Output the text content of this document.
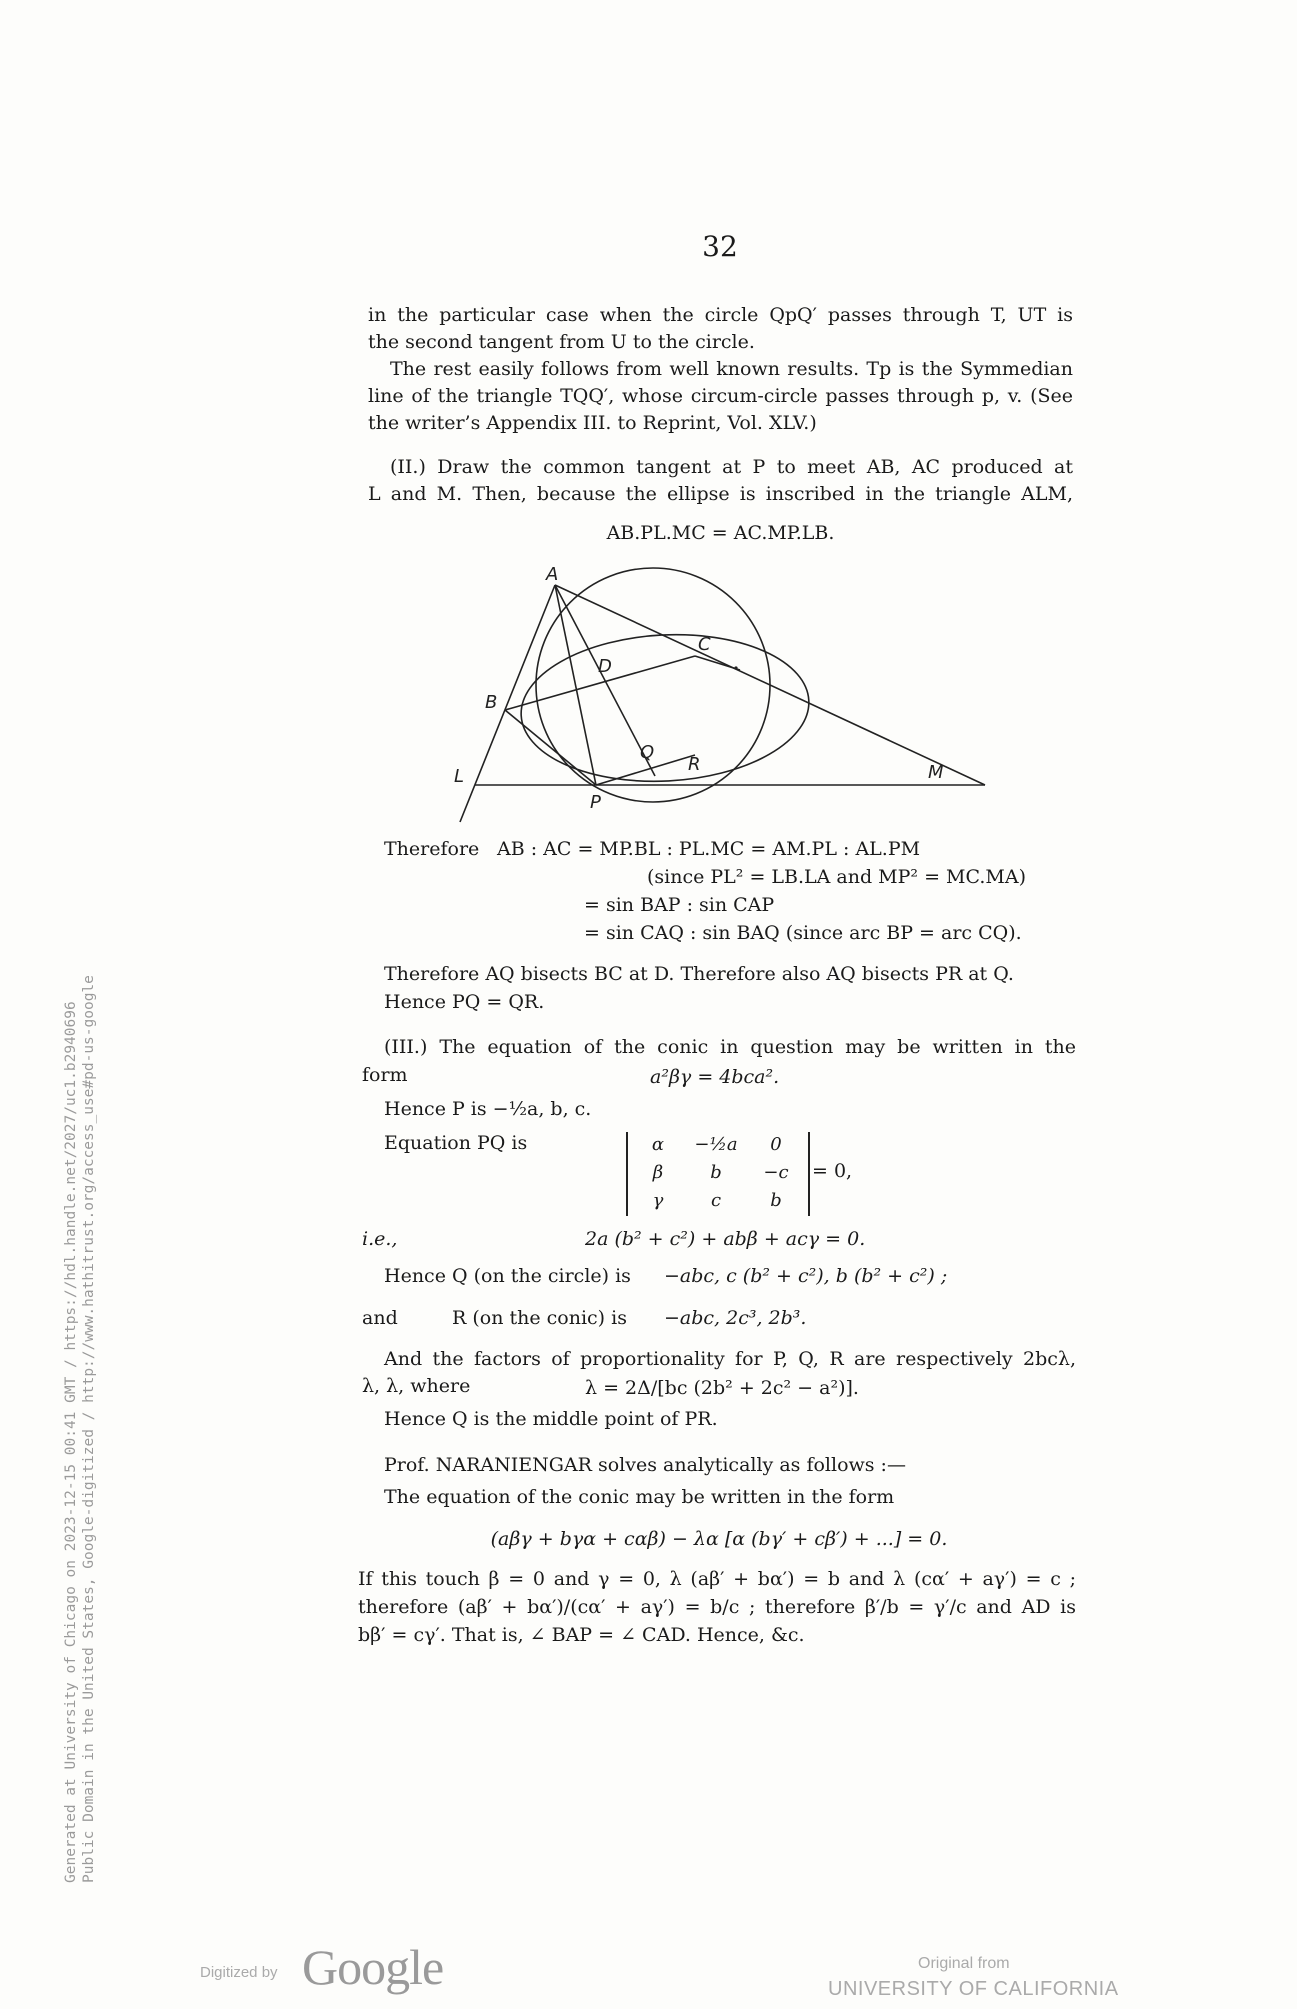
32
in the particular case when the circle QpQ′ passes through T, UT is
the second tangent from U to the circle.
The rest easily follows from well known results. Tp is the Symmedian
line of the triangle TQQ′, whose circum-circle passes through p, v. (See
the writer’s Appendix III. to Reprint, Vol. XLV.)
(II.) Draw the common tangent at P to meet AB, AC produced at
L and M. Then, because the ellipse is inscribed in the triangle ALM,
AB.PL.MC = AC.MP.LB.
A
B
C
D
L	M
P
Q
R
Therefore AB : AC = MP.BL : PL.MC = AM.PL : AL.PM
(since PL² = LB.LA and MP² = MC.MA)
= sin BAP : sin CAP
= sin CAQ : sin BAQ (since arc BP = arc CQ).
Therefore AQ bisects BC at D. Therefore also AQ bisects PR at Q.
Hence PQ = QR.
(III.) The equation of the conic in question may be written in the
form	a²βγ = 4bca².
Hence P is −½a, b, c.
Equation PQ is	α	−½a	0
β	b	−c
γ	c	b
= 0,
i.e.,	2a (b² + c²) + abβ + acγ = 0.
Hence Q (on the circle) is −abc, c (b² + c²), b (b² + c²) ;
and	R (on the conic) is −abc, 2c³, 2b³.
And the factors of proportionality for P, Q, R are respectively 2bcλ,
λ, λ, where	λ = 2Δ/[bc (2b² + 2c² − a²)].
Hence Q is the middle point of PR.
Prof. NARANIENGAR solves analytically as follows :—
The equation of the conic may be written in the form
(aβγ + bγα + cαβ) − λα [α (bγ′ + cβ′) + ...] = 0.
If this touch β = 0 and γ = 0, λ (aβ′ + bα′) = b and λ (cα′ + aγ′) = c ;
therefore (aβ′ + bα′)/(cα′ + aγ′) = b/c ; therefore β′/b = γ′/c and AD is
bβ′ = cγ′. That is, ∠ BAP = ∠ CAD. Hence, &c.
Generated at University of Chicago on 2023-12-15 00:41 GMT / https://hdl.handle.net/2027/uc1.b2940696 Public Domain in the United States, Google-digitized / http://www.hathitrust.org/access_use#pd-us-google
Digitized by Google	Original from
UNIVERSITY OF CALIFORNIA
